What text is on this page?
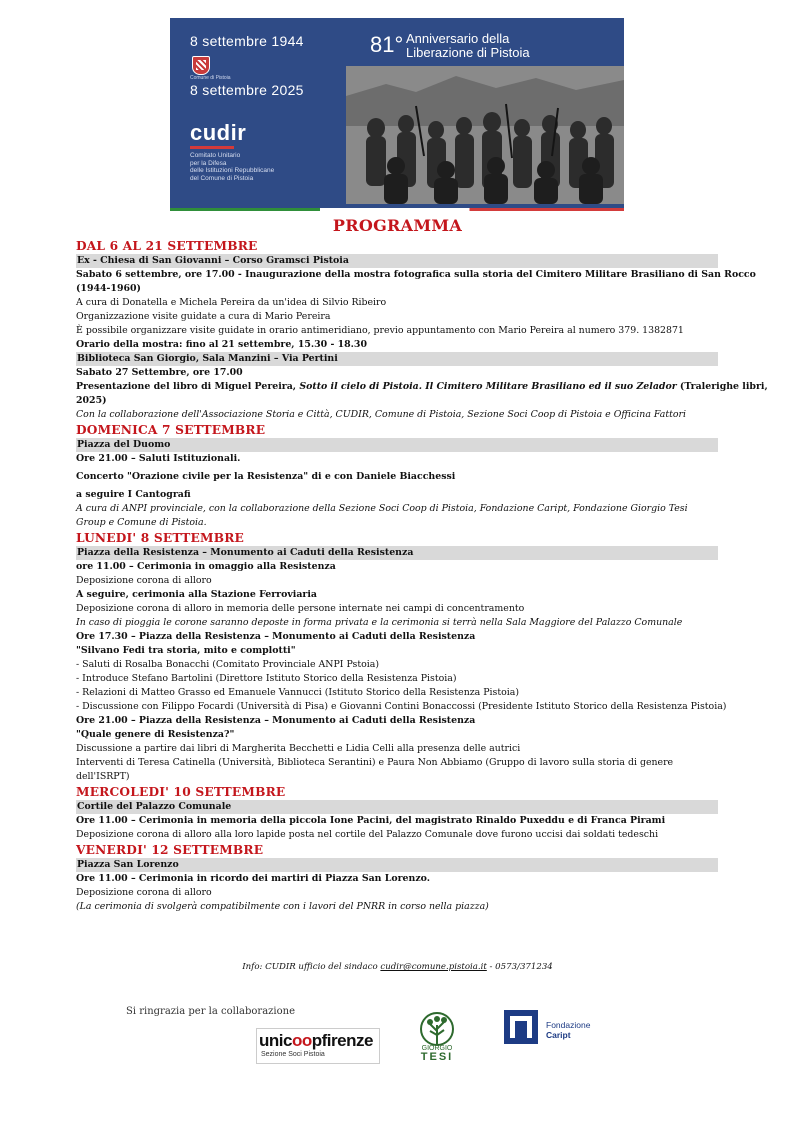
8 settembre 1944
Comune di Pistoia
8 settembre 2025
cudir
Comitato Unitario
per la Difesa
delle Istituzioni Repubblicane
del Comune di Pistoia
81° Anniversario della
Liberazione di Pistoia
PROGRAMMA
DAL 6 AL 21 SETTEMBRE
Ex - Chiesa di San Giovanni – Corso Gramsci Pistoia
Sabato 6 settembre, ore 17.00 - Inaugurazione della mostra fotografica sulla storia del Cimitero Militare Brasiliano di San Rocco
(1944-1960)
A cura di Donatella e Michela Pereira da un'idea di Silvio Ribeiro
Organizzazione visite guidate a cura di Mario Pereira
È possibile organizzare visite guidate in orario antimeridiano, previo appuntamento con Mario Pereira al numero 379. 1382871
Orario della mostra: fino al 21 settembre, 15.30 - 18.30
Biblioteca San Giorgio, Sala Manzini – Via Pertini
Sabato 27 Settembre, ore 17.00
Presentazione del libro di Miguel Pereira, Sotto il cielo di Pistoia. Il Cimitero Militare Brasiliano ed il suo Zelador (Tralerighe libri,
2025)
Con la collaborazione dell'Associazione Storia e Città, CUDIR, Comune di Pistoia, Sezione Soci Coop di Pistoia e Officina Fattori
DOMENICA 7 SETTEMBRE
Piazza del Duomo
Ore 21.00 – Saluti Istituzionali.
Concerto "Orazione civile per la Resistenza" di e con Daniele Biacchessi
a seguire I Cantografi
A cura di ANPI provinciale, con la collaborazione della Sezione Soci Coop di Pistoia, Fondazione Caript, Fondazione Giorgio Tesi Group e Comune di Pistoia.
LUNEDI' 8 SETTEMBRE
Piazza della Resistenza – Monumento ai Caduti della Resistenza
ore 11.00 – Cerimonia in omaggio alla Resistenza
Deposizione corona di alloro
A seguire, cerimonia alla Stazione Ferroviaria
Deposizione corona di alloro in memoria delle persone internate nei campi di concentramento
In caso di pioggia le corone saranno deposte in forma privata e la cerimonia si terrà nella Sala Maggiore del Palazzo Comunale
Ore 17.30 – Piazza della Resistenza – Monumento ai Caduti della Resistenza
"Silvano Fedi tra storia, mito e complotti"
- Saluti di Rosalba Bonacchi (Comitato Provinciale ANPI Pstoia)
- Introduce Stefano Bartolini (Direttore Istituto Storico della Resistenza Pistoia)
- Relazioni di Matteo Grasso ed Emanuele Vannucci (Istituto Storico della Resistenza Pistoia)
- Discussione con Filippo Focardi (Università di Pisa) e Giovanni Contini Bonaccossi (Presidente Istituto Storico della Resistenza Pistoia)
Ore 21.00 – Piazza della Resistenza – Monumento ai Caduti della Resistenza
"Quale genere di Resistenza?"
Discussione a partire dai libri di Margherita Becchetti e Lidia Celli alla presenza delle autrici
Interventi di Teresa Catinella (Università, Biblioteca Serantini) e Paura Non Abbiamo (Gruppo di lavoro sulla storia di genere
dell'ISRPT)
MERCOLEDI' 10 SETTEMBRE
Cortile del Palazzo Comunale
Ore 11.00 – Cerimonia in memoria della piccola Ione Pacini, del magistrato Rinaldo Puxeddu e di Franca Pirami
Deposizione corona di alloro alla loro lapide posta nel cortile del Palazzo Comunale dove furono uccisi dai soldati tedeschi
VENERDI' 12 SETTEMBRE
Piazza San Lorenzo
Ore 11.00 – Cerimonia in ricordo dei martiri di Piazza San Lorenzo.
Deposizione corona di alloro
(La cerimonia di svolgerà compatibilmente con i lavori del PNRR in corso nella piazza)
Info: CUDIR ufficio del sindaco cudir@comune.pistoia.it - 0573/371234
Si ringrazia per la collaborazione
unicoopfirenze
Sezione Soci Pistoia
GIORGIO
TESI
Fondazione
Caript
